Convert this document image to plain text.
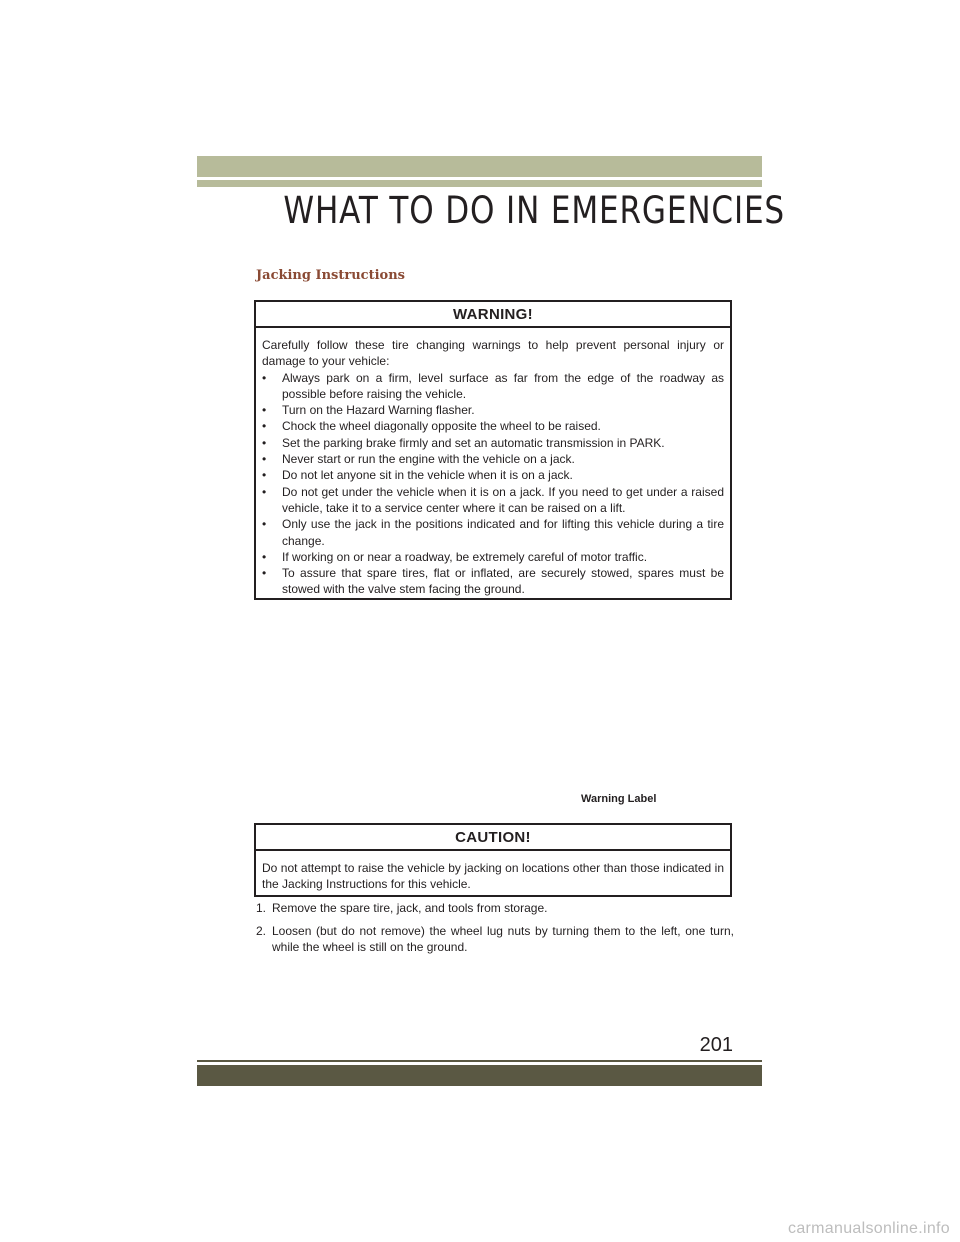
WHAT TO DO IN EMERGENCIES
Jacking Instructions
WARNING!
Carefully follow these tire changing warnings to help prevent personal injury or damage to your vehicle:
• Always park on a firm, level surface as far from the edge of the roadway as possible before raising the vehicle.
• Turn on the Hazard Warning flasher.
• Chock the wheel diagonally opposite the wheel to be raised.
• Set the parking brake firmly and set an automatic transmission in PARK.
• Never start or run the engine with the vehicle on a jack.
• Do not let anyone sit in the vehicle when it is on a jack.
• Do not get under the vehicle when it is on a jack. If you need to get under a raised vehicle, take it to a service center where it can be raised on a lift.
• Only use the jack in the positions indicated and for lifting this vehicle during a tire change.
• If working on or near a roadway, be extremely careful of motor traffic.
• To assure that spare tires, flat or inflated, are securely stowed, spares must be stowed with the valve stem facing the ground.
Warning Label
CAUTION!
Do not attempt to raise the vehicle by jacking on locations other than those indicated in the Jacking Instructions for this vehicle.
1. Remove the spare tire, jack, and tools from storage.
2. Loosen (but do not remove) the wheel lug nuts by turning them to the left, one turn, while the wheel is still on the ground.
201
carmanualsonline.info
